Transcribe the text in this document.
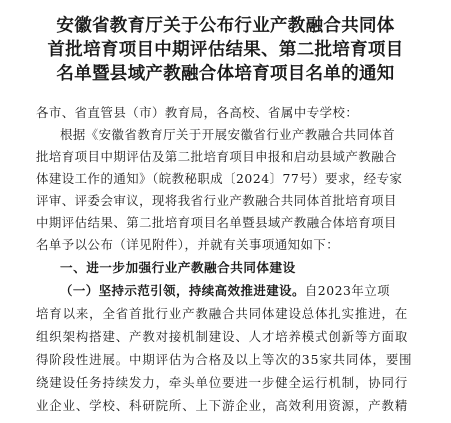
安徽省教育厅关于公布行业产教融合共同体
首批培育项目中期评估结果、第二批培育项目
名单暨县域产教融合体培育项目名单的通知
各市、省直管县（市）教育局，各高校、省属中专学校：
根据《安徽省教育厅关于开展安徽省行业产教融合共同体首
批培育项目中期评估及第二批培育项目申报和启动县域产教融合
体建设工作的通知》（皖教秘职成〔2024〕77号）要求，经专家
评审、评委会审议，现将我省行业产教融合共同体首批培育项目
中期评估结果、第二批培育项目名单暨县域产教融合体培育项目
名单予以公布（详见附件），并就有关事项通知如下：
一、进一步加强行业产教融合共同体建设
（一）坚持示范引领，持续高效推进建设。自2023年立项
培育以来，全省首批行业产教融合共同体建设总体扎实推进，在
组织架构搭建、产教对接机制建设、人才培养模式创新等方面取
得阶段性进展。中期评估为合格及以上等次的35家共同体，要围
绕建设任务持续发力，牵头单位要进一步健全运行机制，协同行
业企业、学校、科研院所、上下游企业，高效利用资源，产教精
